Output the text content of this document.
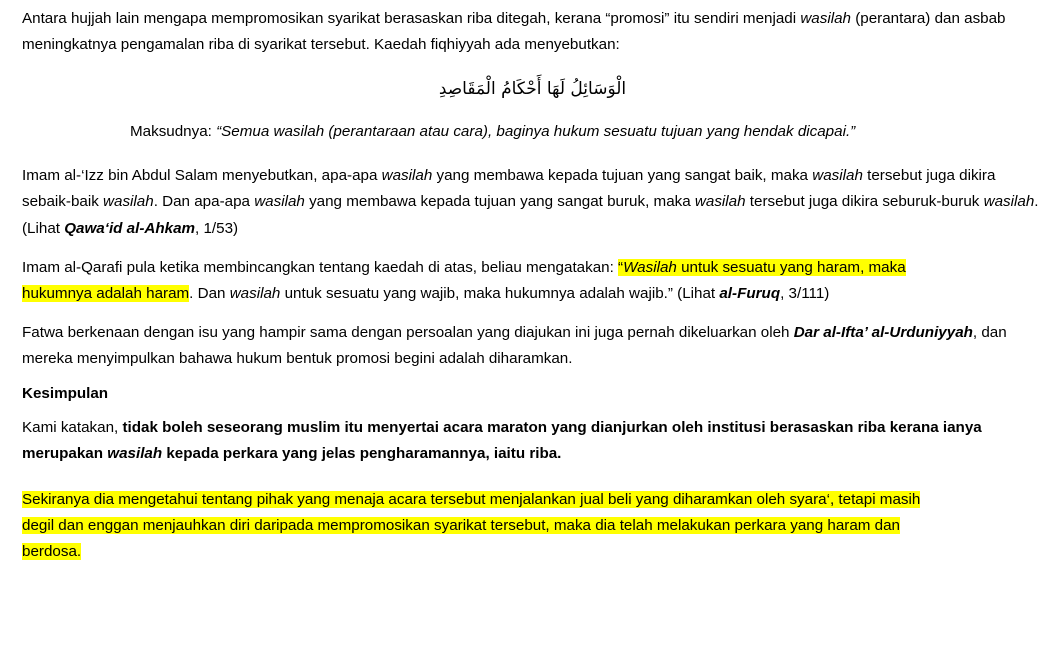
Antara hujjah lain mengapa mempromosikan syarikat berasaskan riba ditegah, kerana “promosi” itu sendiri menjadi wasilah (perantara) dan asbab meningkatnya pengamalan riba di syarikat tersebut. Kaedah fiqhiyyah ada menyebutkan:

الْوَسَائِلُ لَهَا أَحْكَامُ الْمَقَاصِدِ
Maksudnya: “Semua wasilah (perantaraan atau cara), baginya hukum sesuatu tujuan yang hendak dicapai.”

Imam al-‘Izz bin Abdul Salam menyebutkan, apa-apa wasilah yang membawa kepada tujuan yang sangat baik, maka wasilah tersebut juga dikira sebaik-baik wasilah. Dan apa-apa wasilah yang membawa kepada tujuan yang sangat buruk, maka wasilah tersebut juga dikira seburuk-buruk wasilah. (Lihat Qawa‘id al-Ahkam, 1/53)

Imam al-Qarafi pula ketika membincangkan tentang kaedah di atas, beliau mengatakan: “Wasilah untuk sesuatu yang haram, maka
hukumnya adalah haram. Dan wasilah untuk sesuatu yang wajib, maka hukumnya adalah wajib.” (Lihat al-Furuq, 3/111)

Fatwa berkenaan dengan isu yang hampir sama dengan persoalan yang diajukan ini juga pernah dikeluarkan oleh Dar al-Ifta’ al-Urduniyyah, dan mereka menyimpulkan bahawa hukum bentuk promosi begini adalah diharamkan.

Kesimpulan

Kami katakan, tidak boleh seseorang muslim itu menyertai acara maraton yang dianjurkan oleh institusi berasaskan riba kerana ianya merupakan wasilah kepada perkara yang jelas pengharamannya, iaitu riba.

Sekiranya dia mengetahui tentang pihak yang menaja acara tersebut menjalankan jual beli yang diharamkan oleh syara‘, tetapi masih
degil dan enggan menjauhkan diri daripada mempromosikan syarikat tersebut, maka dia telah melakukan perkara yang haram dan
berdosa.
